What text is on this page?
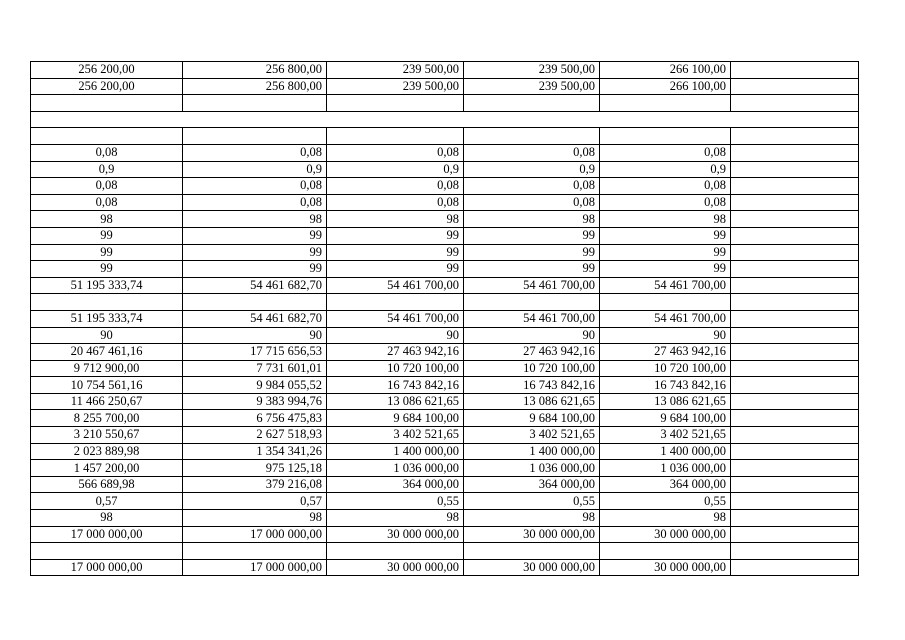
256 200,00	256 800,00	239 500,00	239 500,00	266 100,00	
256 200,00	256 800,00	239 500,00	239 500,00	266 100,00	

0,08	0,08	0,08	0,08	0,08	
0,9	0,9	0,9	0,9	0,9	
0,08	0,08	0,08	0,08	0,08	
0,08	0,08	0,08	0,08	0,08	
98	98	98	98	98	
99	99	99	99	99	
99	99	99	99	99	
99	99	99	99	99	
51 195 333,74	54 461 682,70	54 461 700,00	54 461 700,00	54 461 700,00	

51 195 333,74	54 461 682,70	54 461 700,00	54 461 700,00	54 461 700,00	
90	90	90	90	90	
20 467 461,16	17 715 656,53	27 463 942,16	27 463 942,16	27 463 942,16	
9 712 900,00	7 731 601,01	10 720 100,00	10 720 100,00	10 720 100,00	
10 754 561,16	9 984 055,52	16 743 842,16	16 743 842,16	16 743 842,16	
11 466 250,67	9 383 994,76	13 086 621,65	13 086 621,65	13 086 621,65	
8 255 700,00	6 756 475,83	9 684 100,00	9 684 100,00	9 684 100,00	
3 210 550,67	2 627 518,93	3 402 521,65	3 402 521,65	3 402 521,65	
2 023 889,98	1 354 341,26	1 400 000,00	1 400 000,00	1 400 000,00	
1 457 200,00	975 125,18	1 036 000,00	1 036 000,00	1 036 000,00	
566 689,98	379 216,08	364 000,00	364 000,00	364 000,00	
0,57	0,57	0,55	0,55	0,55	
98	98	98	98	98	
17 000 000,00	17 000 000,00	30 000 000,00	30 000 000,00	30 000 000,00	

17 000 000,00	17 000 000,00	30 000 000,00	30 000 000,00	30 000 000,00	
